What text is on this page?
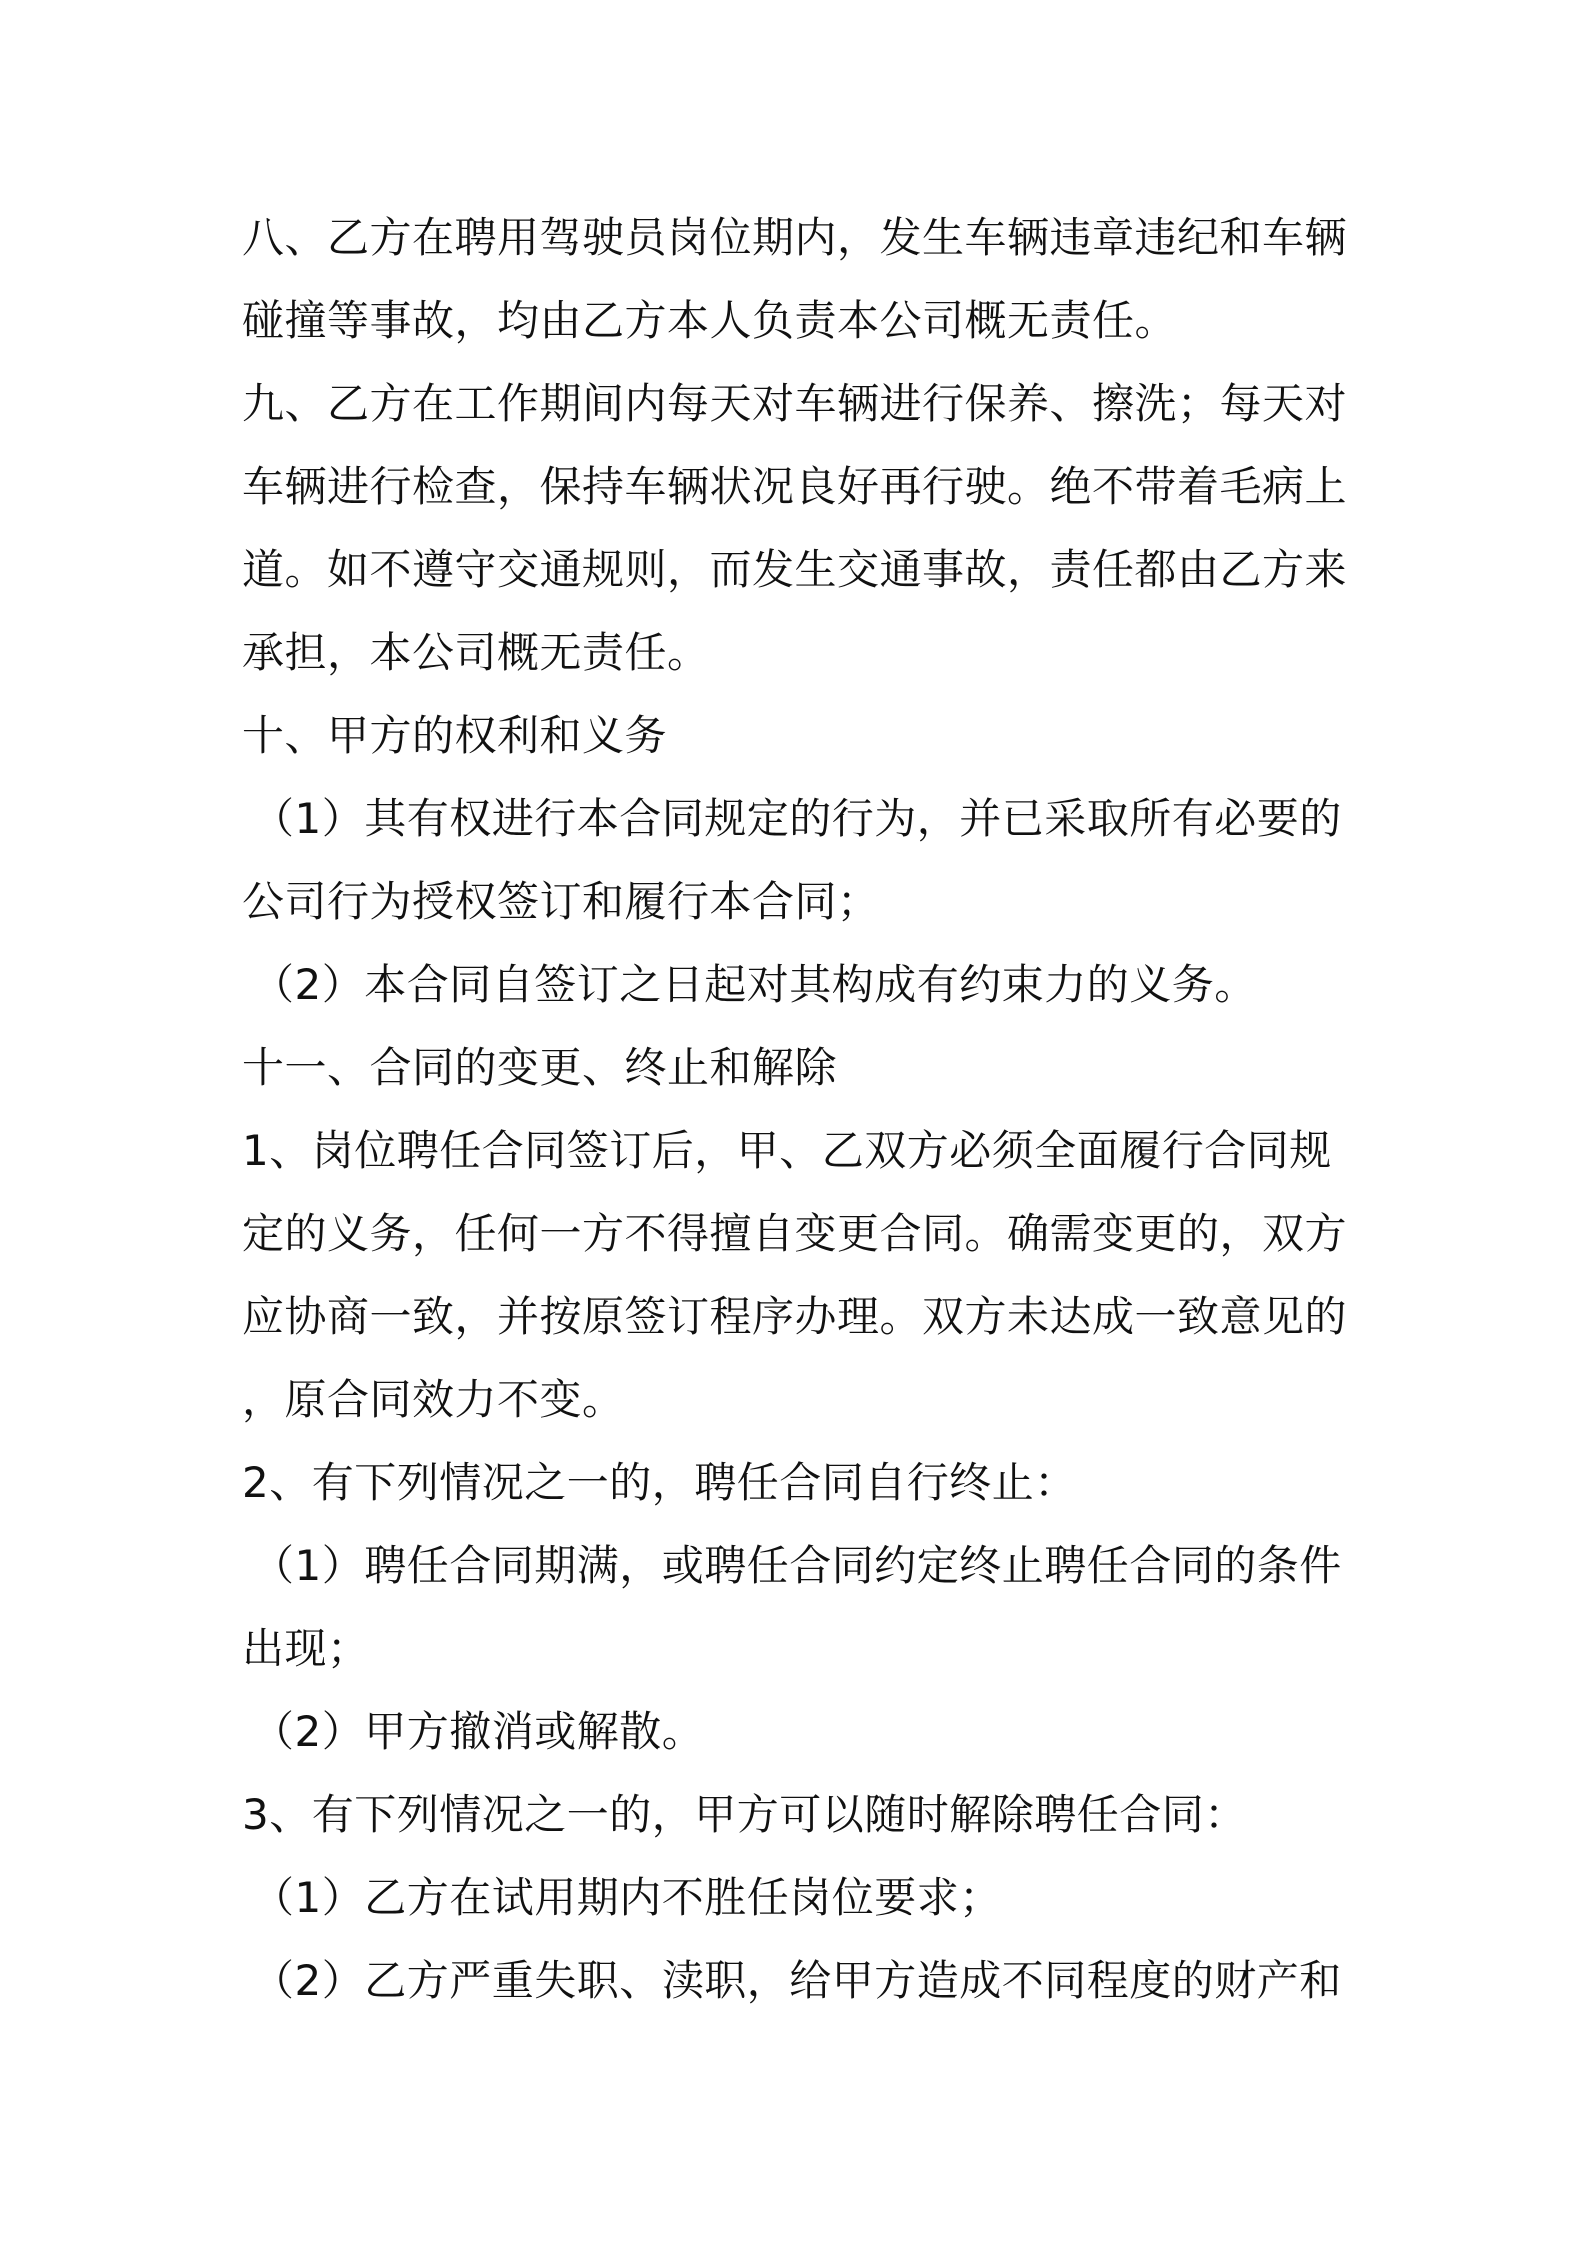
八、乙方在聘用驾驶员岗位期内，发生车辆违章违纪和车辆
碰撞等事故，均由乙方本人负责本公司概无责任。
九、乙方在工作期间内每天对车辆进行保养、擦洗；每天对
车辆进行检查，保持车辆状况良好再行驶。绝不带着毛病上
道。如不遵守交通规则，而发生交通事故，责任都由乙方来
承担，本公司概无责任。
十、甲方的权利和义务
（1）其有权进行本合同规定的行为，并已采取所有必要的
公司行为授权签订和履行本合同；
（2）本合同自签订之日起对其构成有约束力的义务。
十一、合同的变更、终止和解除
1、岗位聘任合同签订后，甲、乙双方必须全面履行合同规
定的义务，任何一方不得擅自变更合同。确需变更的，双方
应协商一致，并按原签订程序办理。双方未达成一致意见的
，原合同效力不变。
2、有下列情况之一的，聘任合同自行终止：
（1）聘任合同期满，或聘任合同约定终止聘任合同的条件
出现；
（2）甲方撤消或解散。
3、有下列情况之一的，甲方可以随时解除聘任合同：
（1）乙方在试用期内不胜任岗位要求；
（2）乙方严重失职、渎职，给甲方造成不同程度的财产和
